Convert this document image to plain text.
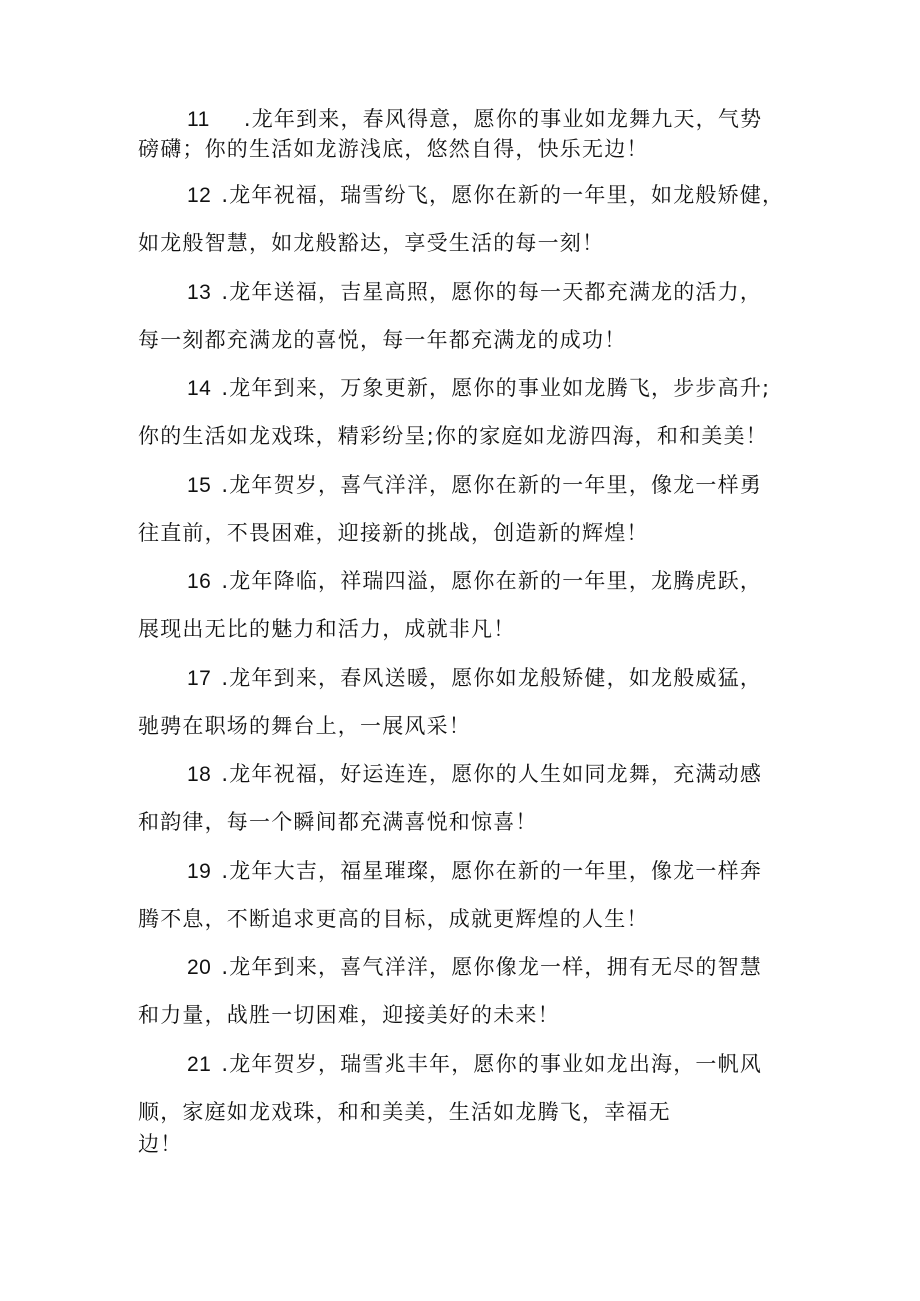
11 .龙年到来，春风得意，愿你的事业如龙舞九天，气势
磅礴；你的生活如龙游浅底，悠然自得，快乐无边！
12 .龙年祝福，瑞雪纷飞，愿你在新的一年里，如龙般矫健，
如龙般智慧，如龙般豁达，享受生活的每一刻！
13 .龙年送福，吉星高照，愿你的每一天都充满龙的活力，
每一刻都充满龙的喜悦，每一年都充满龙的成功！
14 .龙年到来，万象更新，愿你的事业如龙腾飞，步步高升;
你的生活如龙戏珠，精彩纷呈;你的家庭如龙游四海，和和美美！
15 .龙年贺岁，喜气洋洋，愿你在新的一年里，像龙一样勇
往直前，不畏困难，迎接新的挑战，创造新的辉煌！
16 .龙年降临，祥瑞四溢，愿你在新的一年里，龙腾虎跃，
展现出无比的魅力和活力，成就非凡！
17 .龙年到来，春风送暖，愿你如龙般矫健，如龙般威猛，
驰骋在职场的舞台上，一展风采！
18 .龙年祝福，好运连连，愿你的人生如同龙舞，充满动感
和韵律，每一个瞬间都充满喜悦和惊喜！
19 .龙年大吉，福星璀璨，愿你在新的一年里，像龙一样奔
腾不息，不断追求更高的目标，成就更辉煌的人生！
20 .龙年到来，喜气洋洋，愿你像龙一样，拥有无尽的智慧
和力量，战胜一切困难，迎接美好的未来！
21 .龙年贺岁，瑞雪兆丰年，愿你的事业如龙出海，一帆风
顺，家庭如龙戏珠，和和美美，生活如龙腾飞，幸福无
边！
